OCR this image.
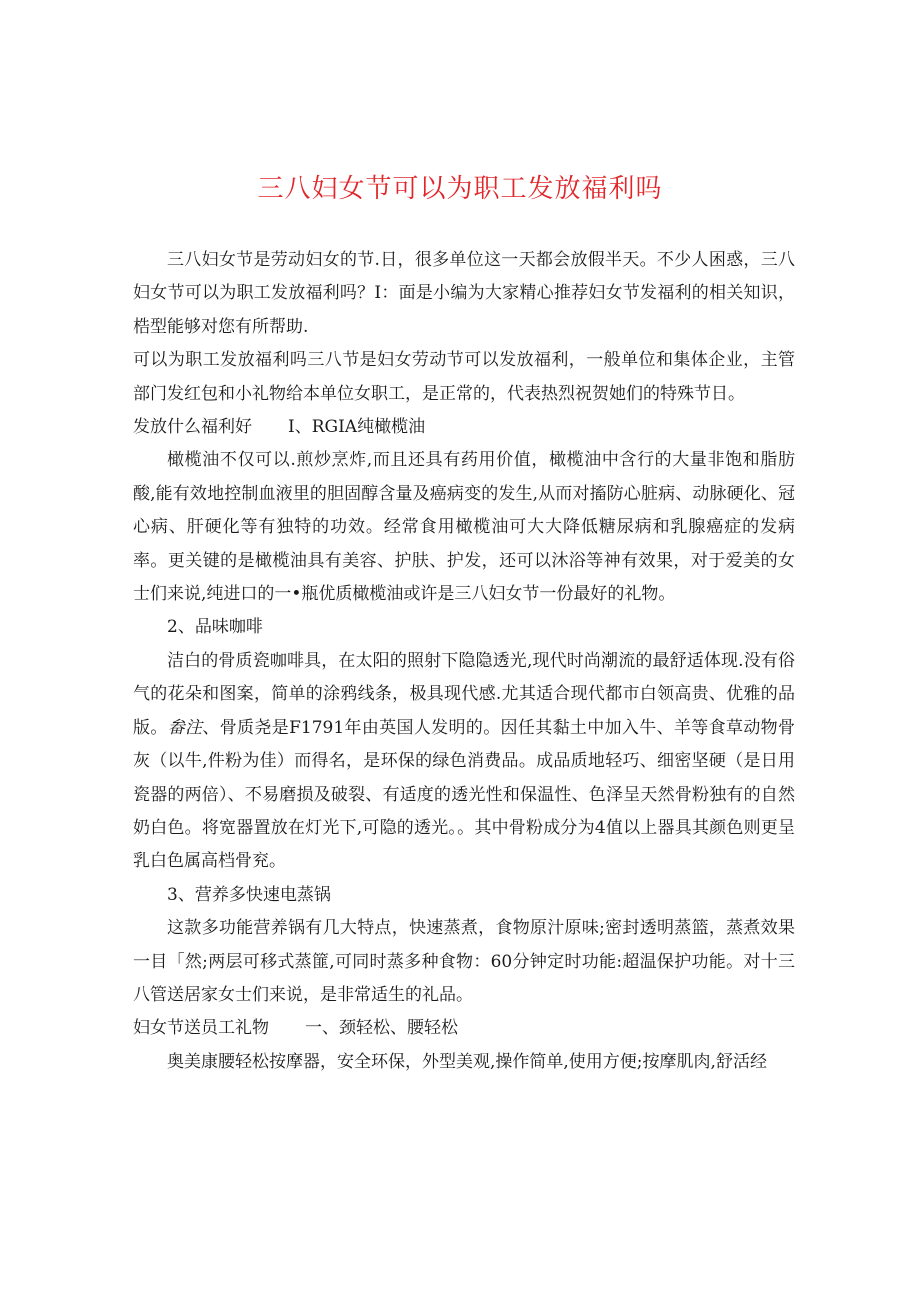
三八妇女节可以为职工发放福利吗

三八妇女节是劳动妇女的节.日，很多单位这一天都会放假半天。不少人困惑，三八妇女节可以为职工发放福利吗？I：面是小编为大家精心推荐妇女节发福利的相关知识，梏型能够对您有所帮助.

可以为职工发放福利吗三八节是妇女劳动节可以发放福利，一般单位和集体企业，主管部门发红包和小礼物给本单位女职工，是正常的，代表热烈祝贺她们的特殊节日。

发放什么福利好 I、RGIA纯橄榄油

橄榄油不仅可以.煎炒烹炸,而且还具有药用价值，橄榄油中含行的大量非饱和脂肪酸,能有效地控制血液里的胆固醇含量及癌病变的发生,从而对搐防心脏病、动脉硬化、冠心病、肝硬化等有独特的功效。经常食用橄榄油可大大降低糖尿病和乳腺癌症的发病率。更关键的是橄榄油具有美容、护肤、护发，还可以沐浴等神有效果，对于爱美的女士们来说,纯进口的一•瓶优质橄榄油或许是三八妇女节一份最好的礼物。

2、品味咖啡

洁白的骨质瓷咖啡具，在太阳的照射下隐隐透光,现代时尚潮流的最舒适体现.没有俗气的花朵和图案，简单的涂鸦线条，极具现代感.尤其适合现代都市白领高贵、优雅的品版。畚注、骨质尧是F1791年由英国人发明的。因任其黏土中加入牛、羊等食草动物骨灰（以牛,件粉为佳）而得名，是环保的绿色消费品。成品质地轻巧、细密坚硬（是日用瓷器的两倍）、不易磨损及破裂、有适度的透光性和保温性、色泽呈天然骨粉独有的自然奶白色。将宽器置放在灯光下,可隐的透光。。其中骨粉成分为4值以上器具其颜色则更呈乳白色属高档骨兖。

3、营养多快速电蒸锅

这款多功能营养锅有几大特点，快速蒸煮，食物原汁原味;密封透明蒸篮，蒸煮效果一目「然;两层可移式蒸篚,可同时蒸多种食物：60分钟定时功能:超温保护功能。对十三八管送居家女士们来说，是非常适生的礼品。

妇女节送员工礼物 一、颈轻松、腰轻松

奥美康腰轻松按摩器，安全环保，外型美观,操作简单,使用方便;按摩肌肉,舒活经
